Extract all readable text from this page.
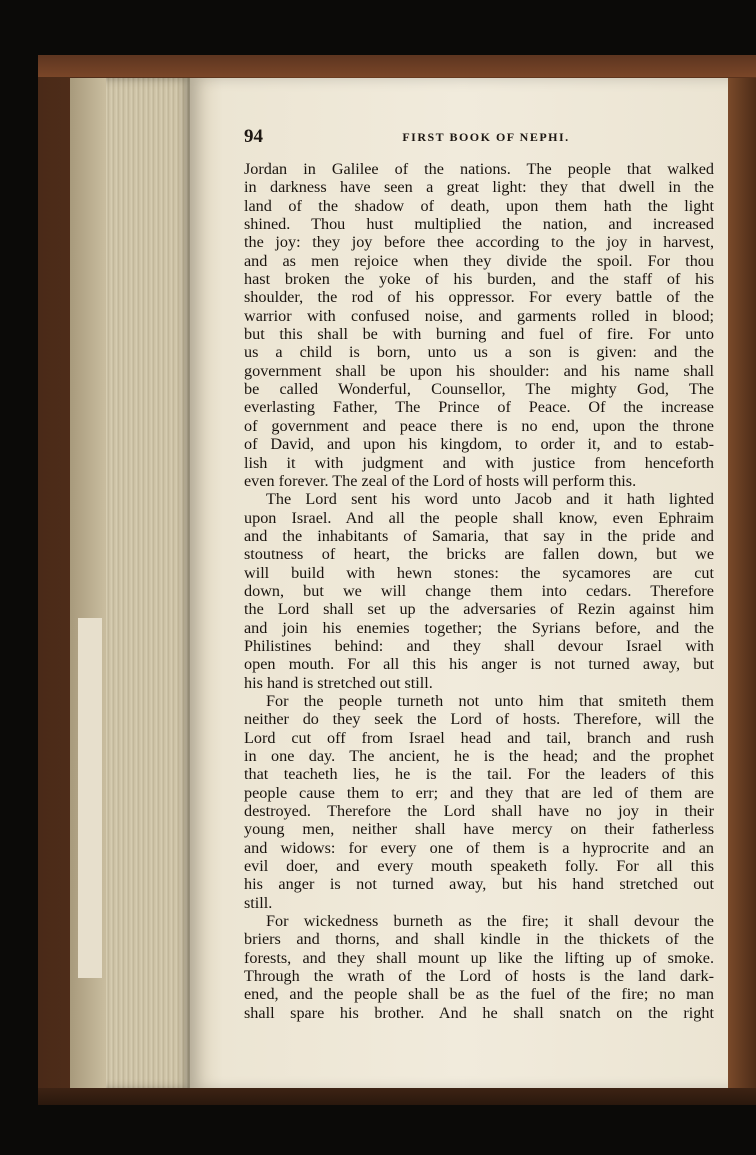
94	FIRST BOOK OF NEPHI.
Jordan in Galilee of the nations. The people that walked
in darkness have seen a great light: they that dwell in the
land of the shadow of death, upon them hath the light
shined. Thou hust multiplied the nation, and increased
the joy: they joy before thee according to the joy in harvest,
and as men rejoice when they divide the spoil. For thou
hast broken the yoke of his burden, and the staff of his
shoulder, the rod of his oppressor. For every battle of the
warrior with confused noise, and garments rolled in blood;
but this shall be with burning and fuel of fire. For unto
us a child is born, unto us a son is given: and the
government shall be upon his shoulder: and his name shall
be called Wonderful, Counsellor, The mighty God, The
everlasting Father, The Prince of Peace. Of the increase
of government and peace there is no end, upon the throne
of David, and upon his kingdom, to order it, and to estab-
lish it with judgment and with justice from henceforth
even forever. The zeal of the Lord of hosts will perform this.
The Lord sent his word unto Jacob and it hath lighted
upon Israel. And all the people shall know, even Ephraim
and the inhabitants of Samaria, that say in the pride and
stoutness of heart, the bricks are fallen down, but we
will build with hewn stones: the sycamores are cut
down, but we will change them into cedars. Therefore
the Lord shall set up the adversaries of Rezin against him
and join his enemies together; the Syrians before, and the
Philistines behind: and they shall devour Israel with
open mouth. For all this his anger is not turned away, but
his hand is stretched out still.
For the people turneth not unto him that smiteth them
neither do they seek the Lord of hosts. Therefore, will the
Lord cut off from Israel head and tail, branch and rush
in one day. The ancient, he is the head; and the prophet
that teacheth lies, he is the tail. For the leaders of this
people cause them to err; and they that are led of them are
destroyed. Therefore the Lord shall have no joy in their
young men, neither shall have mercy on their fatherless
and widows: for every one of them is a hyprocrite and an
evil doer, and every mouth speaketh folly. For all this
his anger is not turned away, but his hand stretched out
still.
For wickedness burneth as the fire; it shall devour the
briers and thorns, and shall kindle in the thickets of the
forests, and they shall mount up like the lifting up of smoke.
Through the wrath of the Lord of hosts is the land dark-
ened, and the people shall be as the fuel of the fire; no man
shall spare his brother. And he shall snatch on the right
